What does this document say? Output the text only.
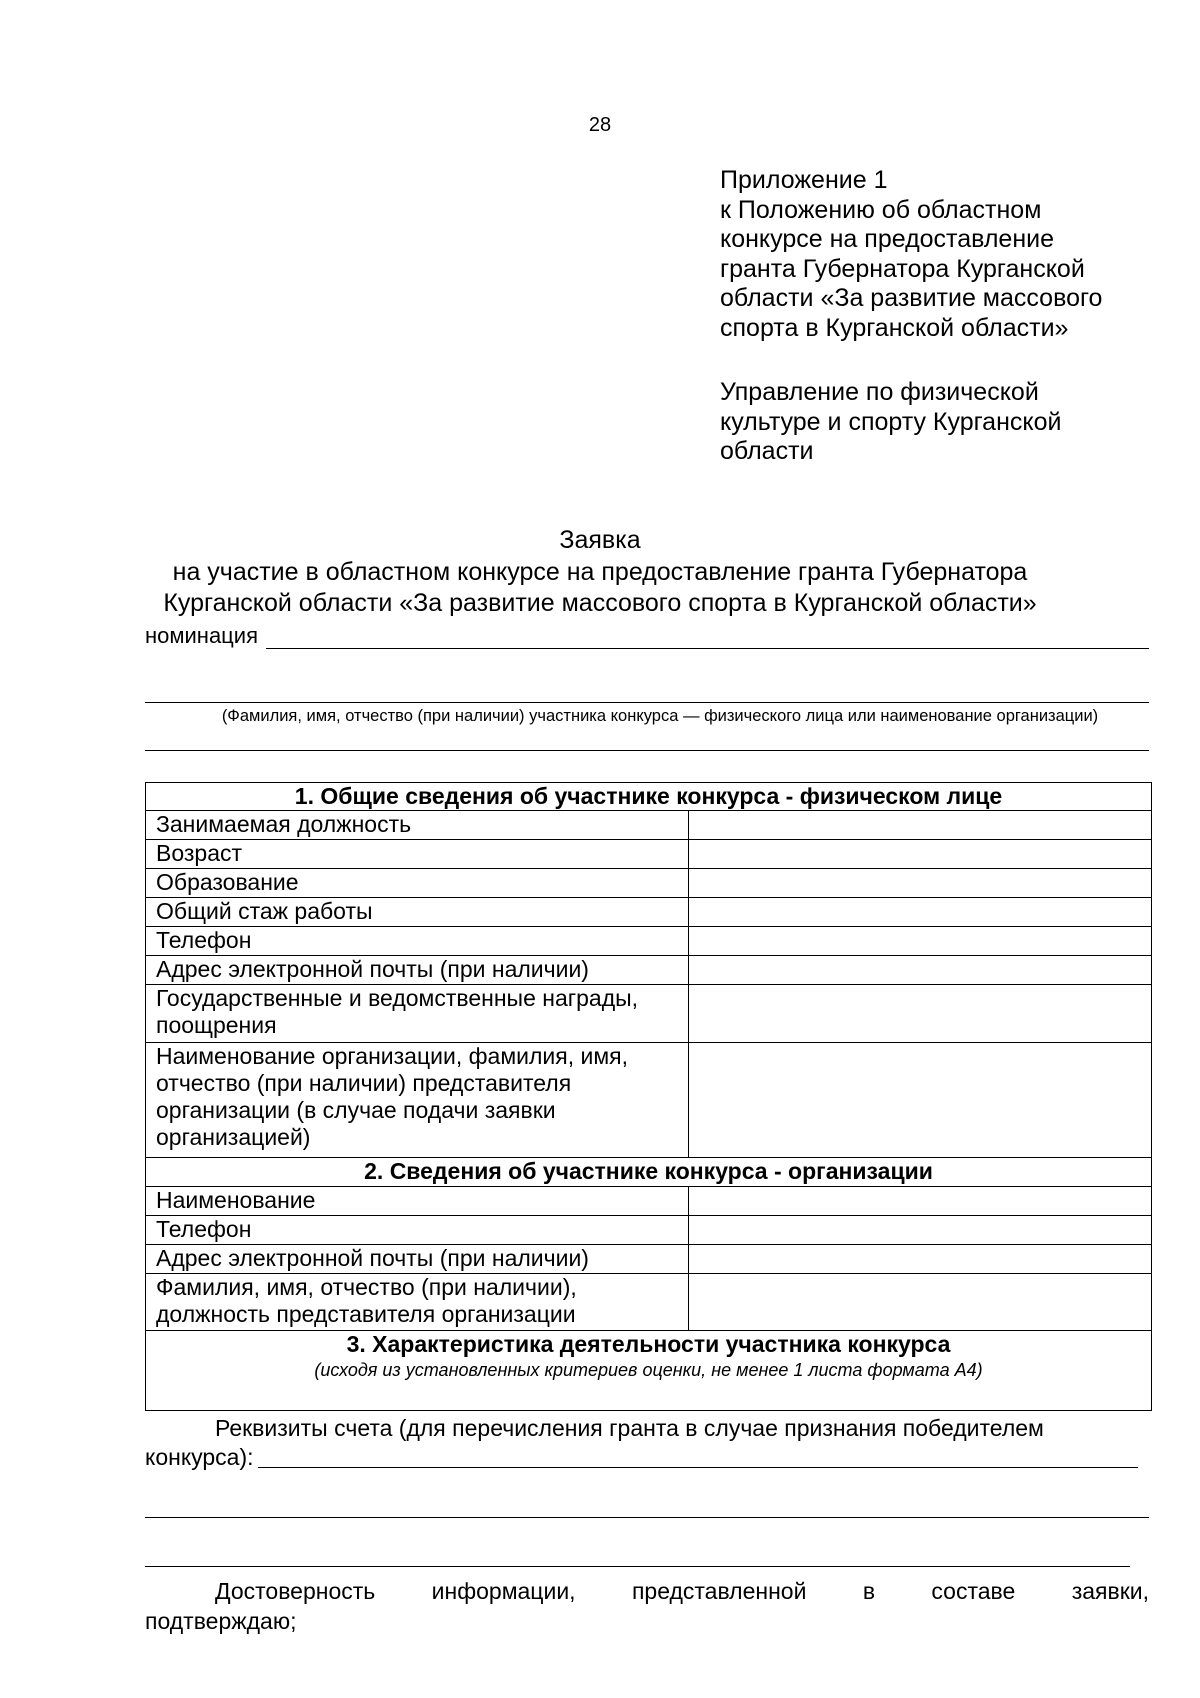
28
Приложение 1
к Положению об областном
конкурсе на предоставление
гранта Губернатора Курганской
области «За развитие массового
спорта в Курганской области»
Управление по физической
культуре и спорту Курганской
области
Заявка
на участие в областном конкурсе на предоставление гранта Губернатора
Курганской области «За развитие массового спорта в Курганской области»
номинация
(Фамилия, имя, отчество (при наличии) участника конкурса — физического лица или наименование организации)
1. Общие сведения об участнике конкурса - физическом лице	
Занимаемая должность	
Возраст	
Образование	
Общий стаж работы	
Телефон	
Адрес электронной почты (при наличии)	
Государственные и ведомственные награды, поощрения	
Наименование организации, фамилия, имя, отчество (при наличии) представителя организации (в случае подачи заявки организацией)	
2. Сведения об участнике конкурса - организации	
Наименование	
Телефон	
Адрес электронной почты (при наличии)	
Фамилия, имя, отчество (при наличии), должность представителя организации	
3. Характеристика деятельности участника конкурса
(исходя из установленных критериев оценки, не менее 1 листа формата А4)	
Реквизиты счета (для перечисления гранта в случае признания победителем
конкурса):
Достоверность информации, представленной в составе заявки,
подтверждаю;
